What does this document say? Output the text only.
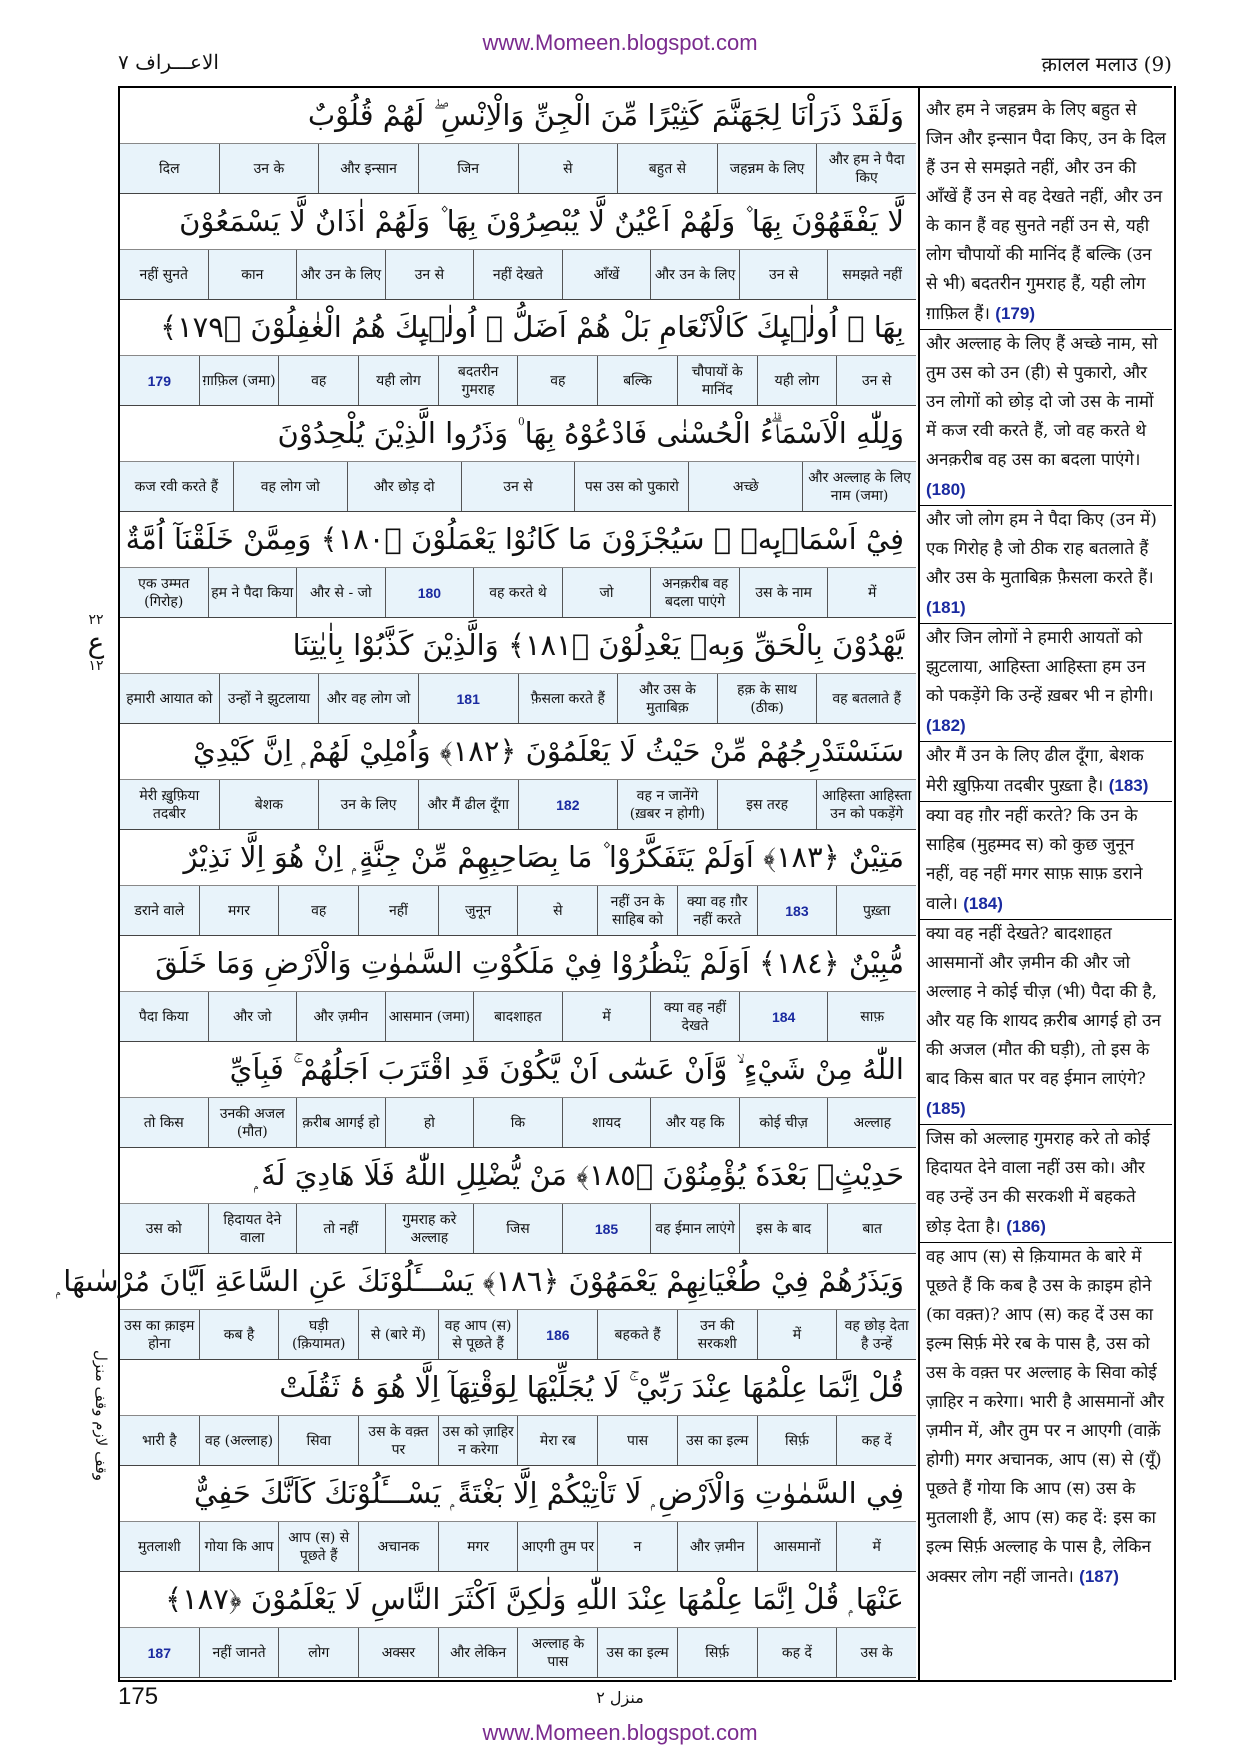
www.Momeen.blogspot.com
क़ालल मलाउ (9)
الاعـــراف ٧
٢٢
ع
١٢
وقف لازم وقف منزل
وَلَقَدْ ذَرَاْنَا لِجَهَنَّمَ كَثِيْرًا مِّنَ الْجِنِّ وَالْاِنْسِ ۖ لَهُمْ قُلُوْبٌ
और हम ने पैदा किए
जहन्नम के लिए
बहुत से
से
जिन
और इन्सान
उन के
दिल
لَّا يَفْقَهُوْنَ بِهَا ۫ وَلَهُمْ اَعْيُنٌ لَّا يُبْصِرُوْنَ بِهَا ۫ وَلَهُمْ اٰذَانٌ لَّا يَسْمَعُوْنَ
समझते नहीं
उन से
और उन के लिए
आँखें
नहीं देखते
उन से
और उन के लिए
कान
नहीं सुनते
بِهَا ۭ اُولٰۗىِٕكَ كَالْاَنْعَامِ بَلْ هُمْ اَضَلُّ ۭ اُولٰۗىِٕكَ هُمُ الْغٰفِلُوْنَ ﴿١٧٩﴾
उन से
यही लोग
चौपायों के मानिंद
बल्कि
वह
बदतरीन गुमराह
यही लोग
वह
ग़ाफ़िल (जमा)
179
وَلِلّٰهِ الْاَسْمَاۗءُ الْحُسْنٰى فَادْعُوْهُ بِهَا ۠ وَذَرُوا الَّذِيْنَ يُلْحِدُوْنَ
और अल्लाह के लिए नाम (जमा)
अच्छे
पस उस को पुकारो
उन से
और छोड़ दो
वह लोग जो
कज रवी करते हैं
فِيْٓ اَسْمَاۗىِٕهٖ ۭ سَيُجْزَوْنَ مَا كَانُوْا يَعْمَلُوْنَ ﴿١٨٠﴾ وَمِمَّنْ خَلَقْنَآ اُمَّةٌ
में
उस के नाम
अनक़रीब वह बदला पाएंगे
जो
वह करते थे
180
और से - जो
हम ने पैदा किया
एक उम्मत (गिरोह)
يَّهْدُوْنَ بِالْحَقِّ وَبِهٖ يَعْدِلُوْنَ ﴿١٨١﴾ وَالَّذِيْنَ كَذَّبُوْا بِاٰيٰتِنَا
वह बतलाते हैं
हक़ के साथ (ठीक)
और उस के मुताबिक़
फ़ैसला करते हैं
181
और वह लोग जो
उन्हों ने झुटलाया
हमारी आयात को
سَنَسْتَدْرِجُهُمْ مِّنْ حَيْثُ لَا يَعْلَمُوْنَ ﴿١٨٢﴾ وَاُمْلِيْ لَهُمْ ۭ اِنَّ كَيْدِيْ
आहिस्ता आहिस्ता उन को पकड़ेंगे
इस तरह
वह न जानेंगे (ख़बर न होगी)
182
और मैं ढील दूँगा
उन के लिए
बेशक
मेरी ख़ुफ़िया तदबीर
مَتِيْنٌ ﴿١٨٣﴾ اَوَلَمْ يَتَفَكَّرُوْا ۫ مَا بِصَاحِبِهِمْ مِّنْ جِنَّةٍ ۭ اِنْ هُوَ اِلَّا نَذِيْرٌ
पुख़्ता
183
क्या वह ग़ौर नहीं करते
नहीं उन के साहिब को
से
जुनून
नहीं
वह
मगर
डराने वाले
مُّبِيْنٌ ﴿١٨٤﴾ اَوَلَمْ يَنْظُرُوْا فِيْ مَلَكُوْتِ السَّمٰوٰتِ وَالْاَرْضِ وَمَا خَلَقَ
साफ़
184
क्या वह नहीं देखते
में
बादशाहत
आसमान (जमा)
और ज़मीन
और जो
पैदा किया
اللّٰهُ مِنْ شَيْءٍ ۙ وَّاَنْ عَسٰٓى اَنْ يَّكُوْنَ قَدِ اقْتَرَبَ اَجَلُهُمْ ۚ فَبِاَيِّ
अल्लाह
कोई चीज़
और यह कि
शायद
कि
हो
क़रीब आगई हो
उनकी अजल (मौत)
तो किस
حَدِيْثٍۢ بَعْدَهٗ يُؤْمِنُوْنَ ﴿١٨٥﴾ مَنْ يُّضْلِلِ اللّٰهُ فَلَا هَادِيَ لَهٗ ۭ
बात
इस के बाद
वह ईमान लाएंगे
185
जिस
गुमराह करे अल्लाह
तो नहीं
हिदायत देने वाला
उस को
وَيَذَرُهُمْ فِيْ طُغْيَانِهِمْ يَعْمَهُوْنَ ﴿١٨٦﴾ يَسْـــَٔلُوْنَكَ عَنِ السَّاعَةِ اَيَّانَ مُرْسٰىهَا ۭ
वह छोड़ देता है उन्हें
में
उन की सरकशी
बहकते हैं
186
वह आप (स) से पूछते हैं
से (बारे में)
घड़ी (क़ियामत)
कब है
उस का क़ाइम होना
قُلْ اِنَّمَا عِلْمُهَا عِنْدَ رَبِّيْ ۚ لَا يُجَلِّيْهَا لِوَقْتِهَآ اِلَّا هُوَ ۂ ثَقُلَتْ
कह दें
सिर्फ़
उस का इल्म
पास
मेरा रब
उस को ज़ाहिर न करेगा
उस के वक़्त पर
सिवा
वह (अल्लाह)
भारी है
فِي السَّمٰوٰتِ وَالْاَرْضِ ۭ لَا تَاْتِيْكُمْ اِلَّا بَغْتَةً ۭ يَسْـــَٔلُوْنَكَ كَاَنَّكَ حَفِيٌّ
में
आसमानों
और ज़मीन
न
आएगी तुम पर
मगर
अचानक
आप (स) से पूछते हैं
गोया कि आप
मुतलाशी
عَنْهَا ۭ قُلْ اِنَّمَا عِلْمُهَا عِنْدَ اللّٰهِ وَلٰكِنَّ اَكْثَرَ النَّاسِ لَا يَعْلَمُوْنَ ﴿١٨٧﴾
उस के
कह दें
सिर्फ़
उस का इल्म
अल्लाह के पास
और लेकिन
अक्सर
लोग
नहीं जानते
187

और हम ने जहन्नम के लिए बहुत से जिन और इन्सान पैदा किए, उन के दिल हैं उन से समझते नहीं, और उन की आँखें हैं उन से वह देखते नहीं, और उन के कान हैं वह सुनते नहीं उन से, यही लोग चौपायों की मानिंद हैं बल्कि (उन से भी) बदतरीन गुमराह हैं, यही लोग ग़ाफ़िल हैं। (179)

और अल्लाह के लिए हैं अच्छे नाम, सो तुम उस को उन (ही) से पुकारो, और उन लोगों को छोड़ दो जो उस के नामों में कज रवी करते हैं, जो वह करते थे अनक़रीब वह उस का बदला पाएंगे। (180)

और जो लोग हम ने पैदा किए (उन में) एक गिरोह है जो ठीक राह बतलाते हैं और उस के मुताबिक़ फ़ैसला करते हैं। (181)

और जिन लोगों ने हमारी आयतों को झुटलाया, आहिस्ता आहिस्ता हम उन को पकड़ेंगे कि उन्हें ख़बर भी न होगी। (182)

और मैं उन के लिए ढील दूँगा, बेशक मेरी ख़ुफ़िया तदबीर पुख़्ता है। (183)

क्या वह ग़ौर नहीं करते? कि उन के साहिब (मुहम्मद स) को कुछ जुनून नहीं, वह नहीं मगर साफ़ साफ़ डराने वाले। (184)

क्या वह नहीं देखते? बादशाहत आसमानों और ज़मीन की और जो अल्लाह ने कोई चीज़ (भी) पैदा की है, और यह कि शायद क़रीब आगई हो उन की अजल (मौत की घड़ी), तो इस के बाद किस बात पर वह ईमान लाएंगे? (185)

जिस को अल्लाह गुमराह करे तो कोई हिदायत देने वाला नहीं उस को। और वह उन्हें उन की सरकशी में बहकते छोड़ देता है। (186)

वह आप (स) से क़ियामत के बारे में पूछते हैं कि कब है उस के क़ाइम होने (का वक़्त)? आप (स) कह दें उस का इल्म सिर्फ़ मेरे रब के पास है, उस को उस के वक़्त पर अल्लाह के सिवा कोई ज़ाहिर न करेगा। भारी है आसमानों और ज़मीन में, और तुम पर न आएगी (वाक़ें होगी) मगर अचानक, आप (स) से (यूँ) पूछते हैं गोया कि आप (स) उस के मुतलाशी हैं, आप (स) कह दें: इस का इल्म सिर्फ़ अल्लाह के पास है, लेकिन अक्सर लोग नहीं जानते। (187)

175	منزل ٢
www.Momeen.blogspot.com
